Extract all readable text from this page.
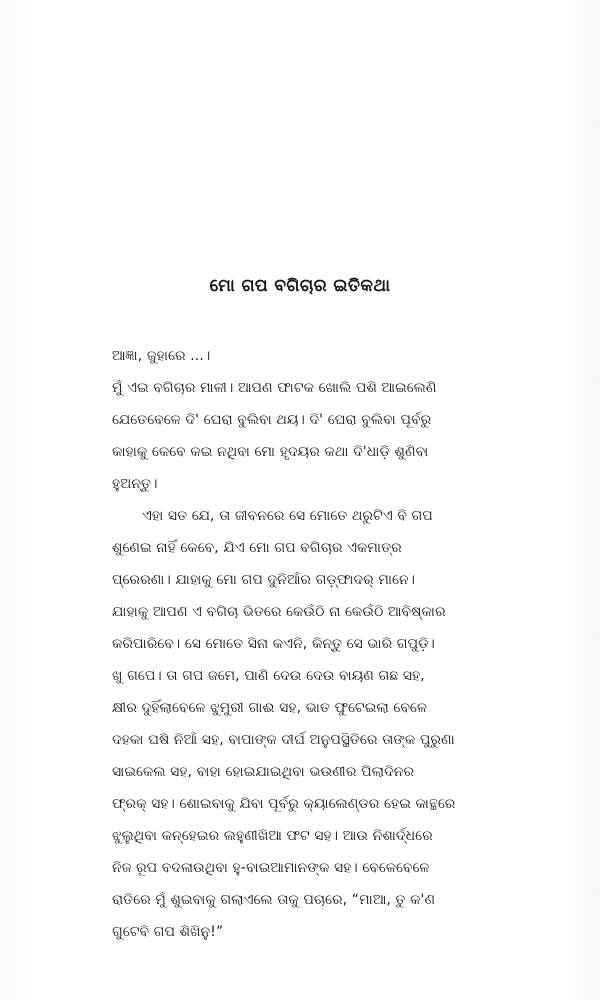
ମୋ ଗପ ବଗିଚାର ଇତିକଥା
ଆଜ୍ଞା, ଜୁହାରେ ...।
ମୁଁ ଏଇ ବଗିଚାର ମାଳୀ। ଆପଣ ଫାଟକ ଖୋଲି ପଶି ଆଇଲେଣି
ଯେତେବେଳେ ଦି' ଘେରା ବୁଲିବା ଥୟ। ଦି' ଘେରା ବୁଲିବା ପୂର୍ବରୁ
କାହାକୁ କେବେ କଇ ନଥିବା ମୋ ହୃଦୟର କଥା ଦି'ଧାଡ଼ି ଶୁଣିବା
ହୁଅନ୍ତୁ।
ଏହା ସତ ଯେ, ତା ଜୀବନରେ ସେ ମୋତେ ଥରୁଟିଏ ବି ଗପ
ଶୁଣେଇ ନାହିଁ କେବେ, ଯିଏ ମୋ ଗପ ବଗିଚାର ଏକମାତ୍ର
ପ୍ରେରଣା। ଯାହାକୁ ମୋ ଗପ ଦୁନିଆଁର ଗଡ଼୍‌ଫାଦର୍ ମାନେ।
ଯାହାକୁ ଆପଣ ଏ ବଗିଚା ଭିତରେ କେଉଁଠି ନା କେଉଁଠି ଆବିଷ୍କାର
କରିପାରିବେ। ସେ ମୋତେ ସିନା କଏନି, କିନ୍ତୁ ସେ ଭାରି ଗପୁଡ଼ି।
ଖୁ ଗପେ। ତା ଗପ ଜମେ, ପାଣି ଦେଉ ଦେଉ ବାୟଣ ଗଛ ସହ,
କ୍ଷୀର ଦୁହିଁଲାବେଳେ ଝୁମୁରୀ ଗାଈ ସହ, ଭାତ ଫୁଟେଇଲା ବେଳେ
ଦହକା ଘଷି ନିଆଁ ସହ, ବାପାଙ୍କ ଦୀର୍ଘ ଅନୁପସ୍ଥିତିରେ ତାଙ୍କ ପୁରୁଣା
ସାଇକେଲ ସହ, ବାହା ହୋଇଯାଇଥିବା ଭଉଣୀର ପିଲାଦିନର
ଫ୍ରକ୍ ସହ। ଶୋଇବାକୁ ଯିବା ପୂର୍ବରୁ କ୍ୟାଲେଣ୍ଡର ହେଇ କାନ୍ଥରେ
ଝୁଲୁଥିବା କନ୍ହେଇର ଲହୁଣୀଖିଆ ଫଟ ସହ। ଆଉ ନିଶାର୍ଦ୍ଧରେ
ନିଜ ରୂପ ବଦଳାଉଥିବା ହୁ-ବାଇଆମାନଙ୍କ ସହ। ବେଳେବେଳେ
ରାତିରେ ମୁଁ ଶୁଇବାକୁ ଗଲାଏଲେ ତାକୁ ପଚାରେ, “ମାଆ, ତୁ କ'ଣ
ଗୁଟେବି ଗପ ଶିଖିନୁ!”
